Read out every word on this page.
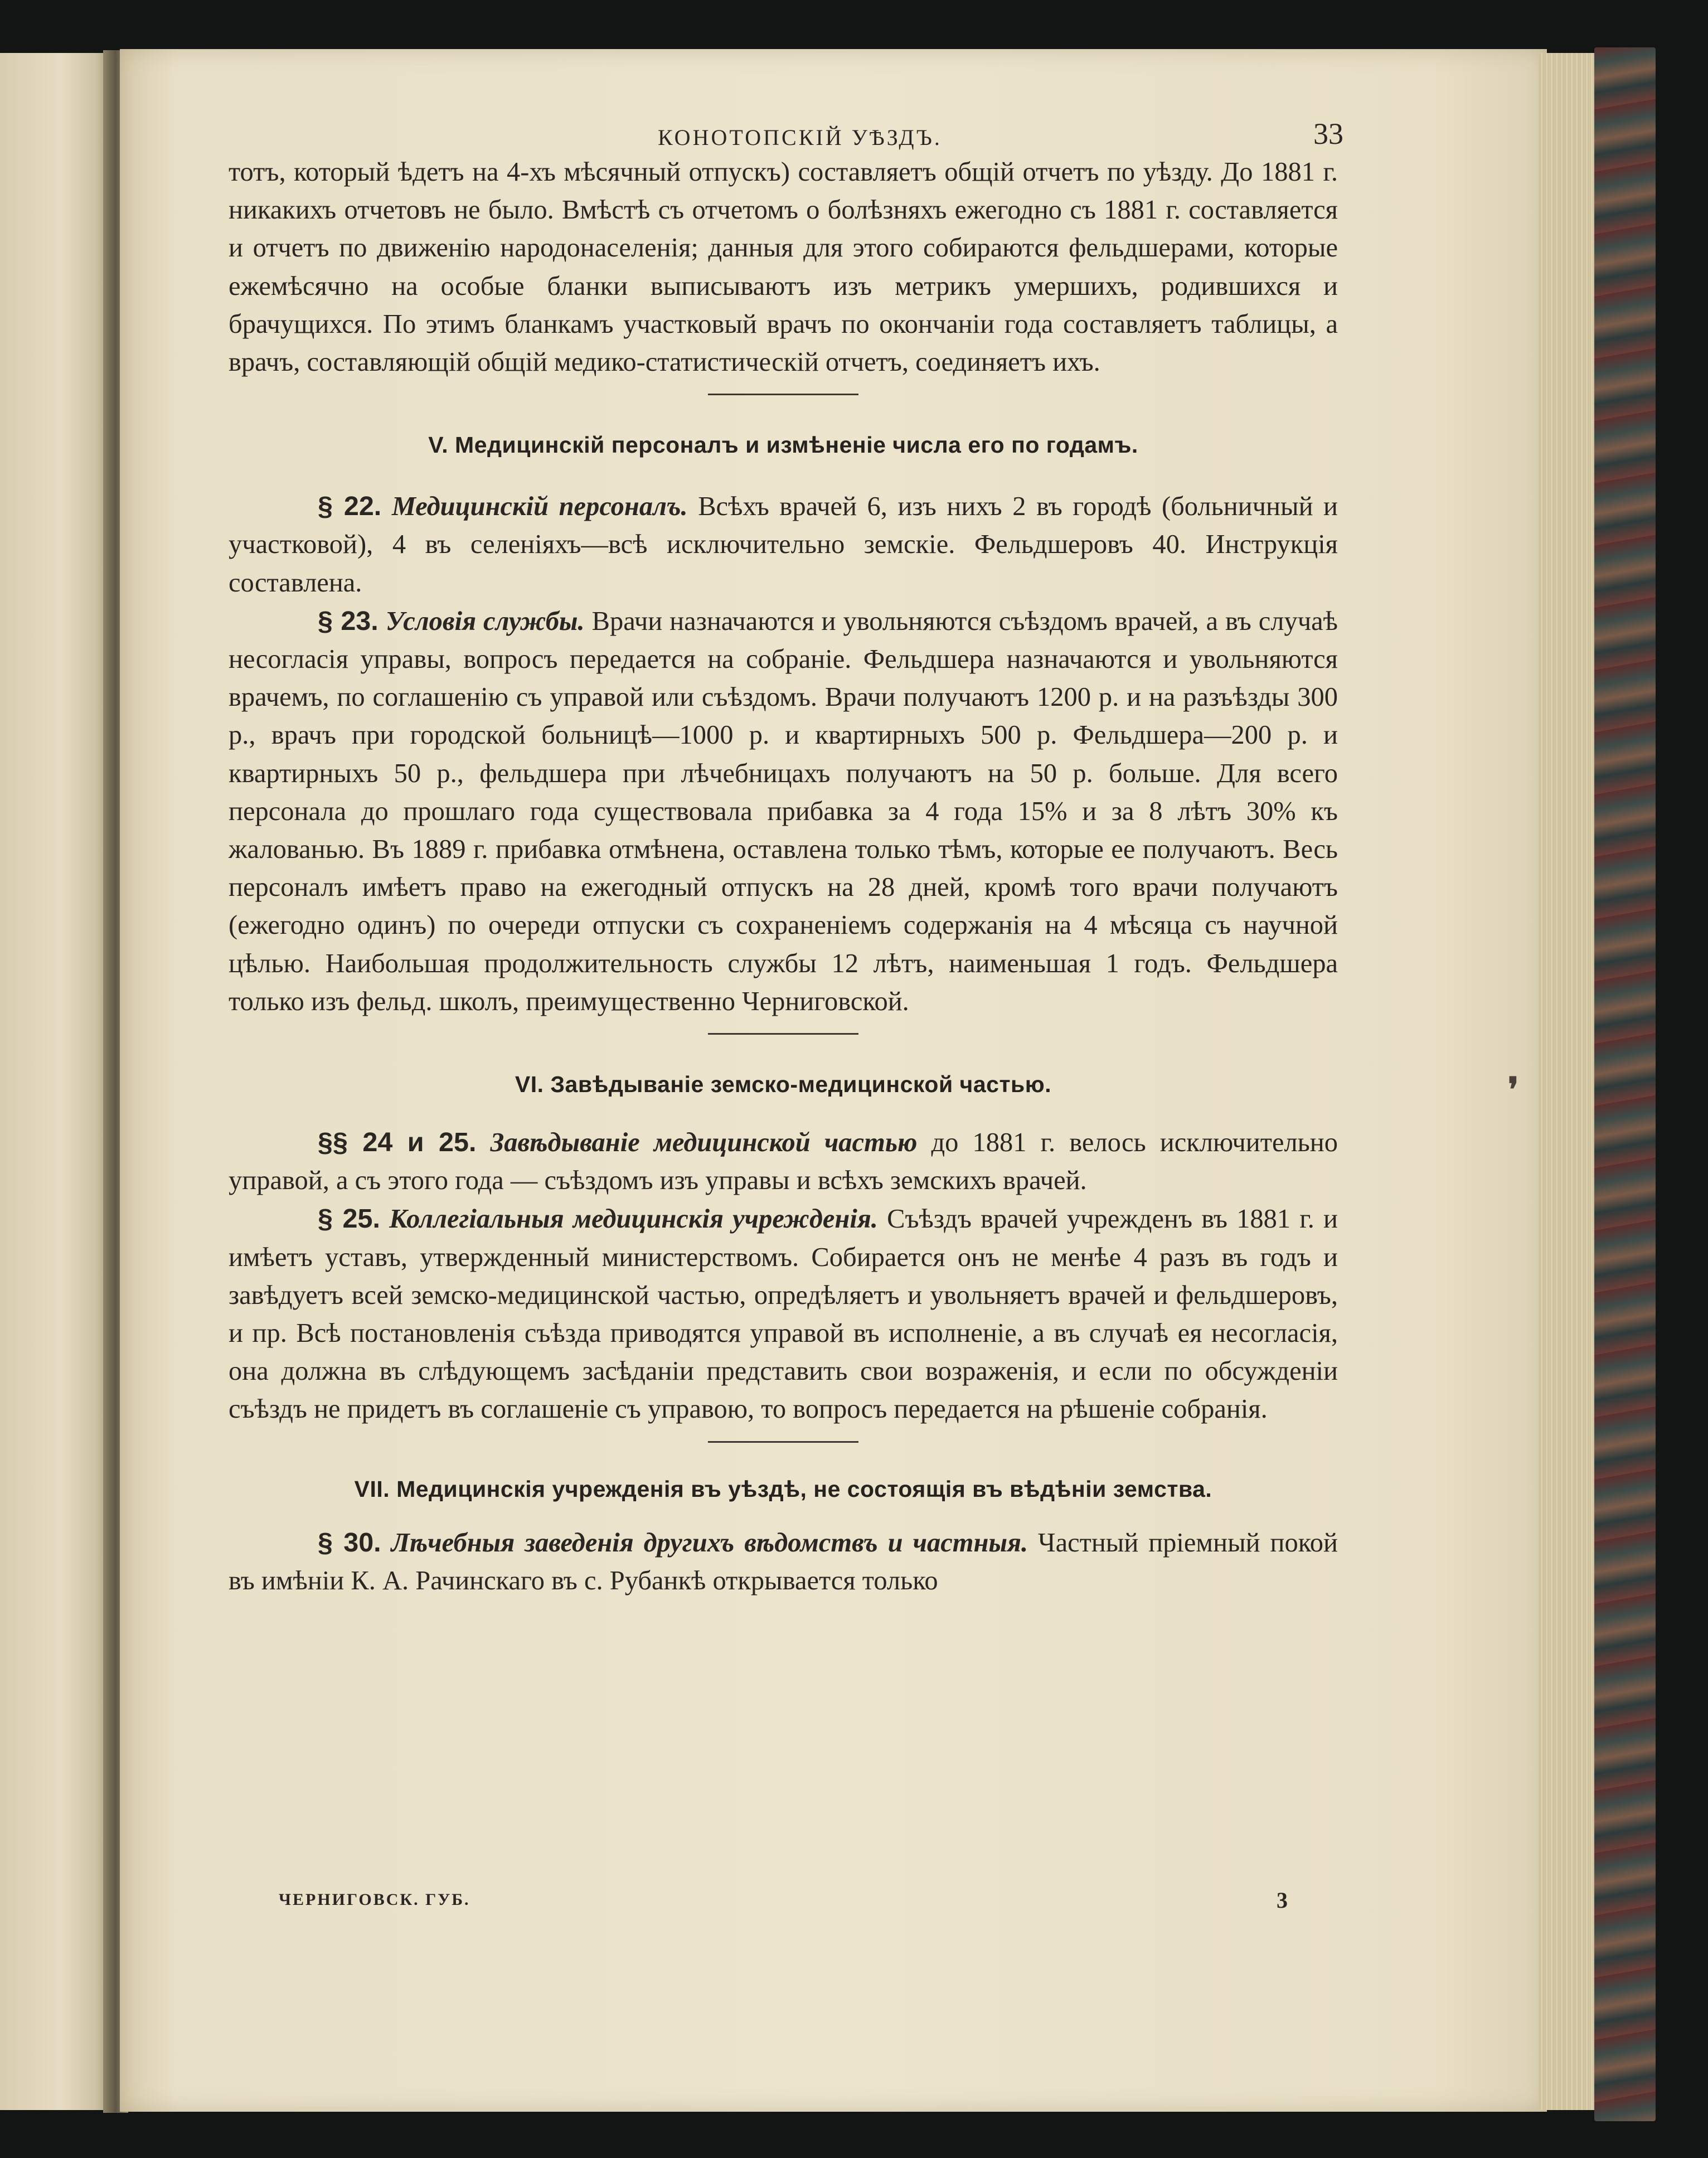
❜
КОНОТОПСКІЙ УѢЗДЪ.	33

тотъ, который ѣдетъ на 4-хъ мѣсячный отпускъ) составляетъ общій отчетъ по уѣзду. До 1881 г. никакихъ отчетовъ не было. Вмѣстѣ съ отчетомъ о болѣзняхъ ежегодно съ 1881 г. составляется и отчетъ по движенію народонаселенія; данныя для этого собираются фельдшерами, которые ежемѣсячно на особые бланки выписываютъ изъ метрикъ умершихъ, родившихся и брачущихся. По этимъ бланкамъ участковый врачъ по окончаніи года составляетъ таблицы, а врачъ, составляющій общій медико-статистическій отчетъ, соединяетъ ихъ.

V. Медицинскій персоналъ и измѣненіе числа его по годамъ.

§ 22. Медицинскій персоналъ. Всѣхъ врачей 6, изъ нихъ 2 въ городѣ (больничный и участковой), 4 въ селеніяхъ—всѣ исключительно земскіе. Фельдшеровъ 40. Инструкція составлена.

§ 23. Условія службы. Врачи назначаются и увольняются съѣздомъ врачей, а въ случаѣ несогласія управы, вопросъ передается на собраніе. Фельдшера назначаются и увольняются врачемъ, по соглашенію съ управой или съѣздомъ. Врачи получаютъ 1200 р. и на разъѣзды 300 р., врачъ при городской больницѣ—1000 р. и квартирныхъ 500 р. Фельдшера—200 р. и квартирныхъ 50 р., фельдшера при лѣчебницахъ получаютъ на 50 р. больше. Для всего персонала до прошлаго года существовала прибавка за 4 года 15% и за 8 лѣтъ 30% къ жалованью. Въ 1889 г. прибавка отмѣнена, оставлена только тѣмъ, которые ее получаютъ. Весь персоналъ имѣетъ право на ежегодный отпускъ на 28 дней, кромѣ того врачи получаютъ (ежегодно одинъ) по очереди отпуски съ сохраненіемъ содержанія на 4 мѣсяца съ научной цѣлью. Наибольшая продолжительность службы 12 лѣтъ, наименьшая 1 годъ. Фельдшера только изъ фельд. школъ, преимущественно Черниговской.

VI. Завѣдываніе земско-медицинской частью.

§§ 24 и 25. Завѣдываніе медицинской частью до 1881 г. велось исключительно управой, а съ этого года — съѣздомъ изъ управы и всѣхъ земскихъ врачей.

§ 25. Коллегіальныя медицинскія учрежденія. Съѣздъ врачей учрежденъ въ 1881 г. и имѣетъ уставъ, утвержденный министерствомъ. Собирается онъ не менѣе 4 разъ въ годъ и завѣдуетъ всей земско-медицинской частью, опредѣляетъ и увольняетъ врачей и фельдшеровъ, и пр. Всѣ постановленія съѣзда приводятся управой въ исполненіе, а въ случаѣ ея несогласія, она должна въ слѣдующемъ засѣданіи представить свои возраженія, и если по обсужденіи съѣздъ не придетъ въ соглашеніе съ управою, то вопросъ передается на рѣшеніе собранія.

VII. Медицинскія учрежденія въ уѣздѣ, не состоящія въ вѣдѣніи земства.

§ 30. Лѣчебныя заведенія другихъ вѣдомствъ и частныя. Частный пріемный покой въ имѣніи К. А. Рачинскаго въ с. Рубанкѣ открывается только

ЧЕРНИГОВСК. ГУБ.	3
